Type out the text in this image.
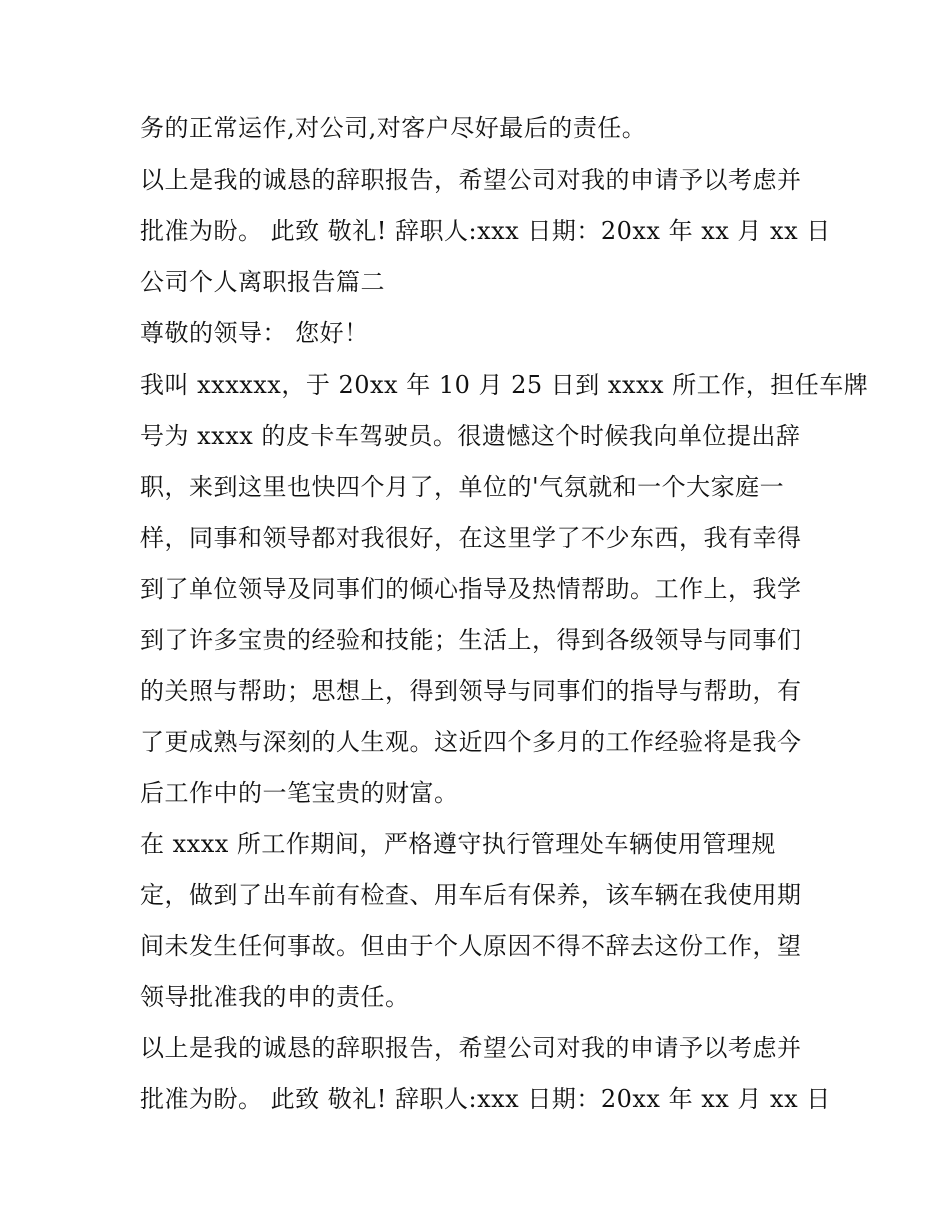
务的正常运作,对公司,对客户尽好最后的责任。
以上是我的诚恳的辞职报告，希望公司对我的申请予以考虑并
批准为盼。 此致 敬礼! 辞职人:xxx 日期：20xx 年 xx 月 xx 日
公司个人离职报告篇二
尊敬的领导： 您好！
我叫 xxxxxx，于 20xx 年 10 月 25 日到 xxxx 所工作，担任车牌
号为 xxxx 的皮卡车驾驶员。很遗憾这个时候我向单位提出辞
职，来到这里也快四个月了，单位的'气氛就和一个大家庭一
样，同事和领导都对我很好，在这里学了不少东西，我有幸得
到了单位领导及同事们的倾心指导及热情帮助。工作上，我学
到了许多宝贵的经验和技能；生活上，得到各级领导与同事们
的关照与帮助；思想上，得到领导与同事们的指导与帮助，有
了更成熟与深刻的人生观。这近四个多月的工作经验将是我今
后工作中的一笔宝贵的财富。
在 xxxx 所工作期间，严格遵守执行管理处车辆使用管理规
定，做到了出车前有检查、用车后有保养，该车辆在我使用期
间未发生任何事故。但由于个人原因不得不辞去这份工作，望
领导批准我的申的责任。
以上是我的诚恳的辞职报告，希望公司对我的申请予以考虑并
批准为盼。 此致 敬礼! 辞职人:xxx 日期：20xx 年 xx 月 xx 日
